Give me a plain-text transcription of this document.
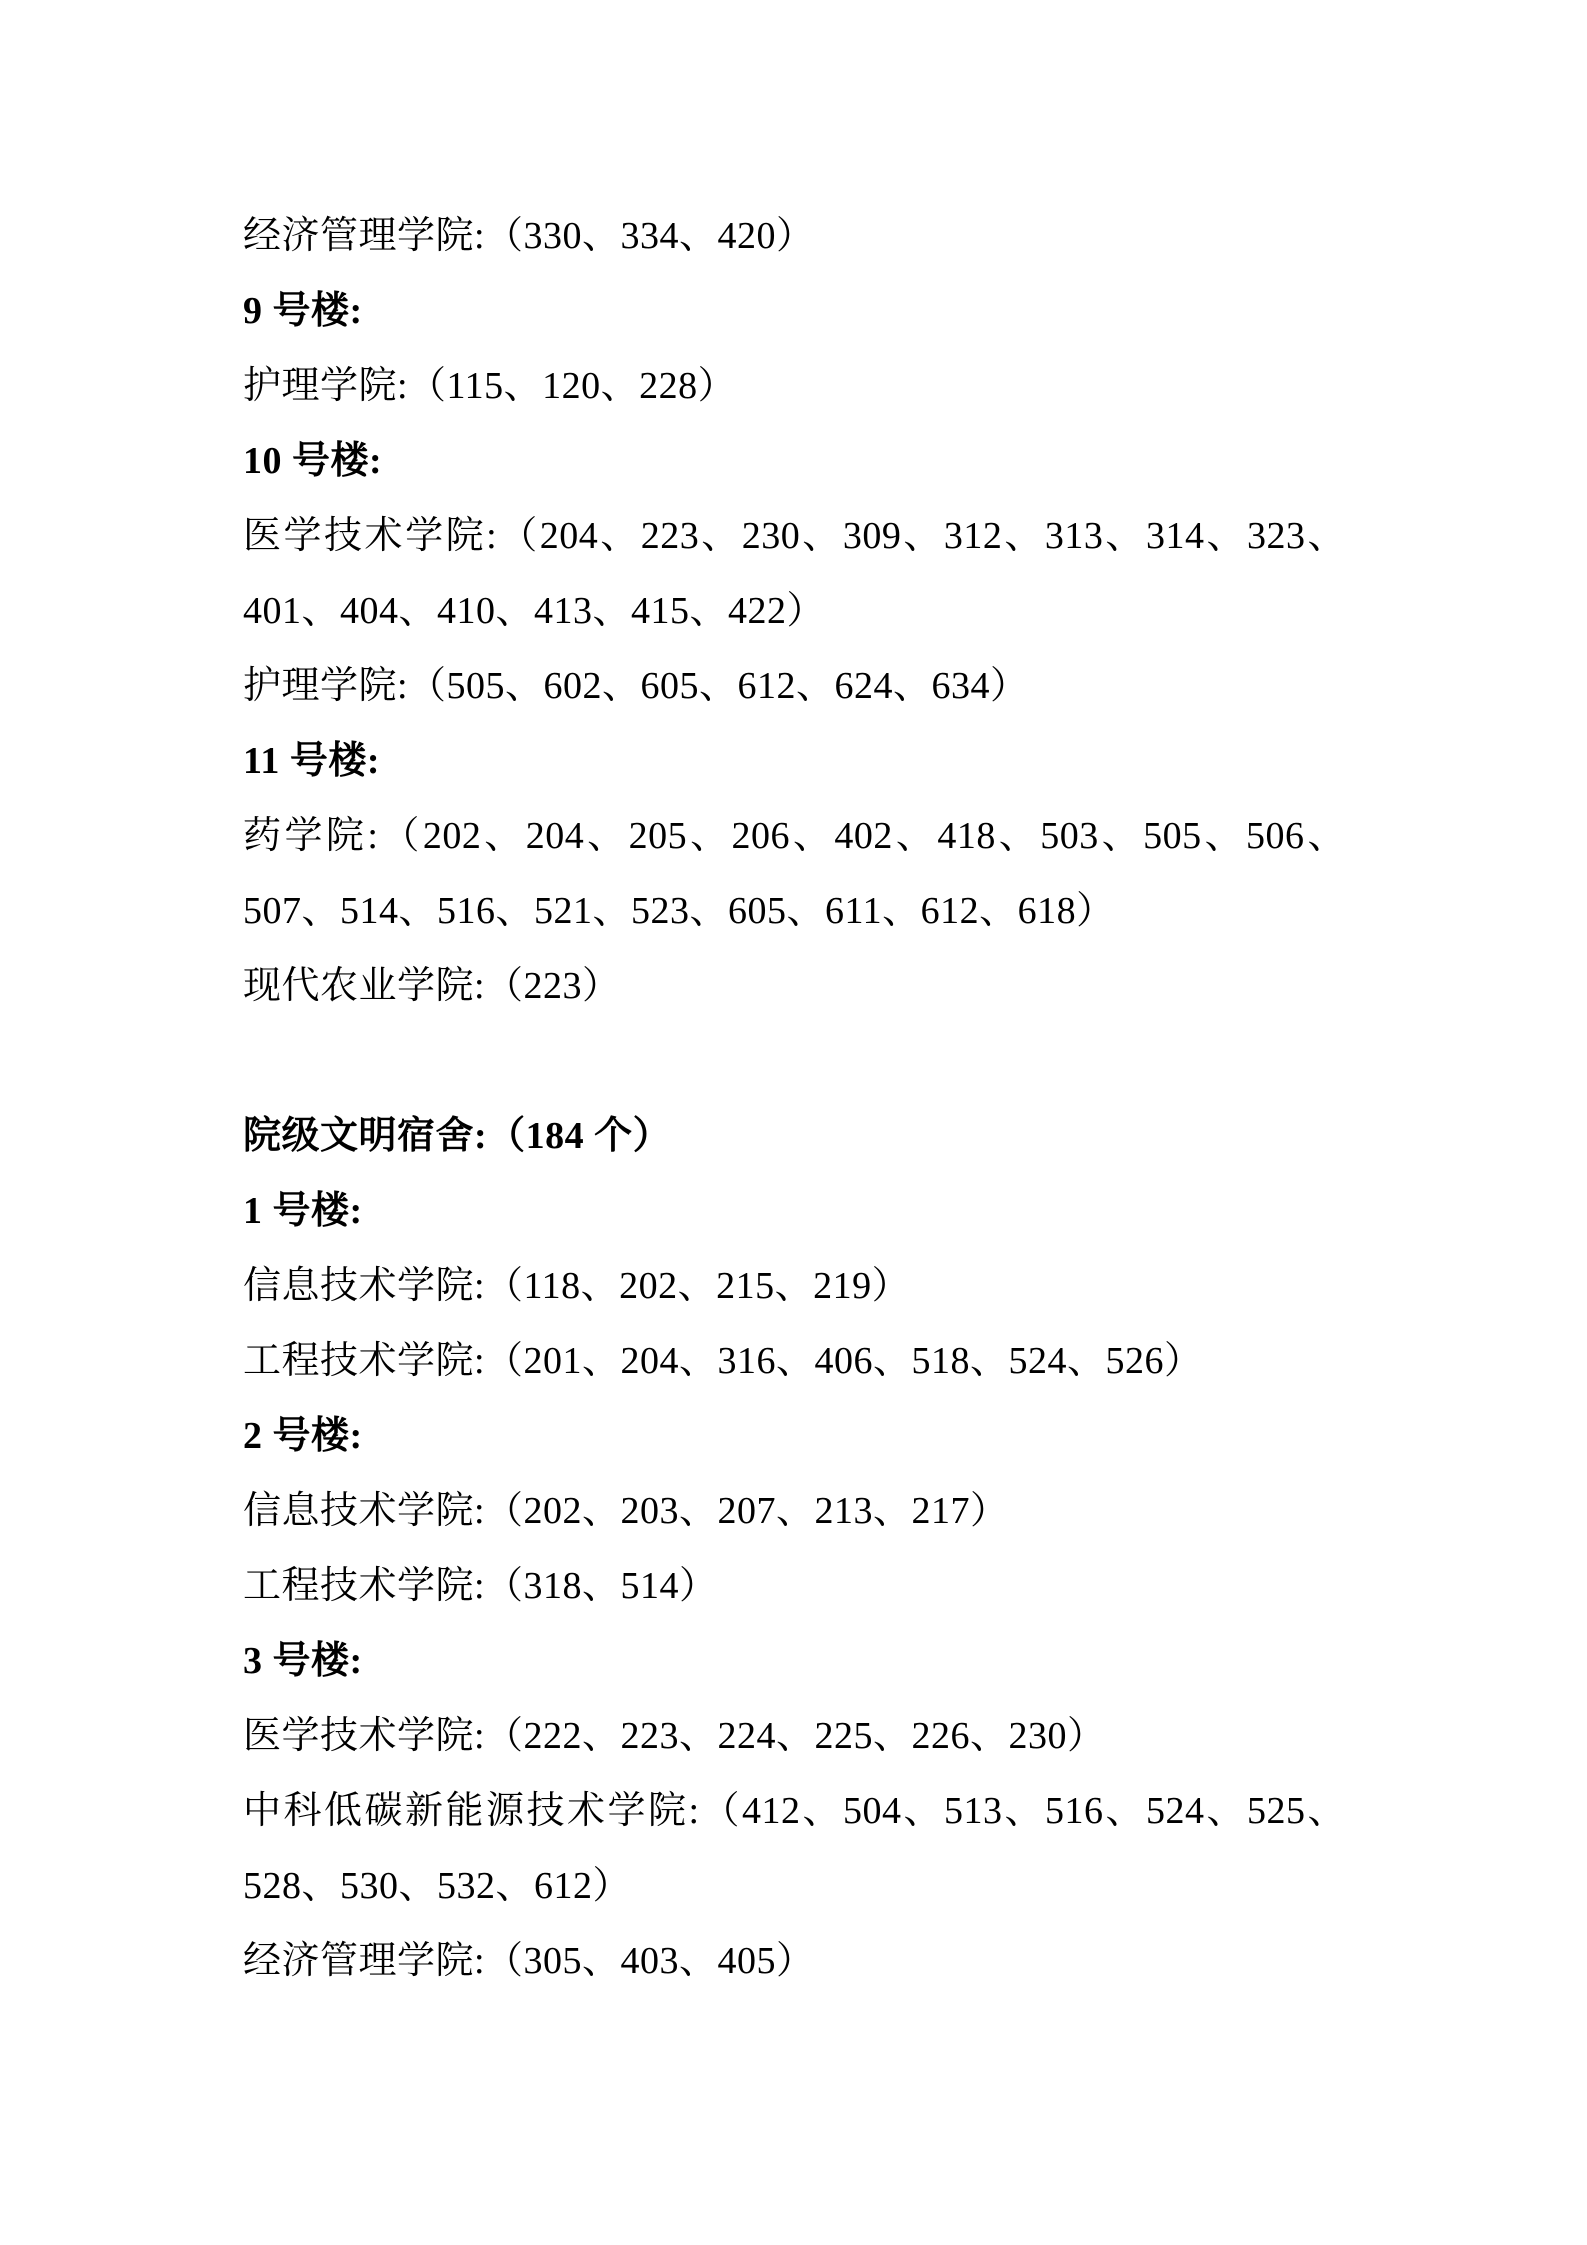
经济管理学院:（330、334、420）

9 号楼:

护理学院:（115、120、228）

10 号楼:

医学技术学院:（204、223、230、309、312、313、314、323、401、404、410、413、415、422）

护理学院:（505、602、605、612、624、634）

11 号楼:

药学院:（202、204、205、206、402、418、503、505、506、507、514、516、521、523、605、611、612、618）

现代农业学院:（223）

院级文明宿舍:（184 个）

1 号楼:

信息技术学院:（118、202、215、219）

工程技术学院:（201、204、316、406、518、524、526）

2 号楼:

信息技术学院:（202、203、207、213、217）

工程技术学院:（318、514）

3 号楼:

医学技术学院:（222、223、224、225、226、230）

中科低碳新能源技术学院:（412、504、513、516、524、525、528、530、532、612）

经济管理学院:（305、403、405）
